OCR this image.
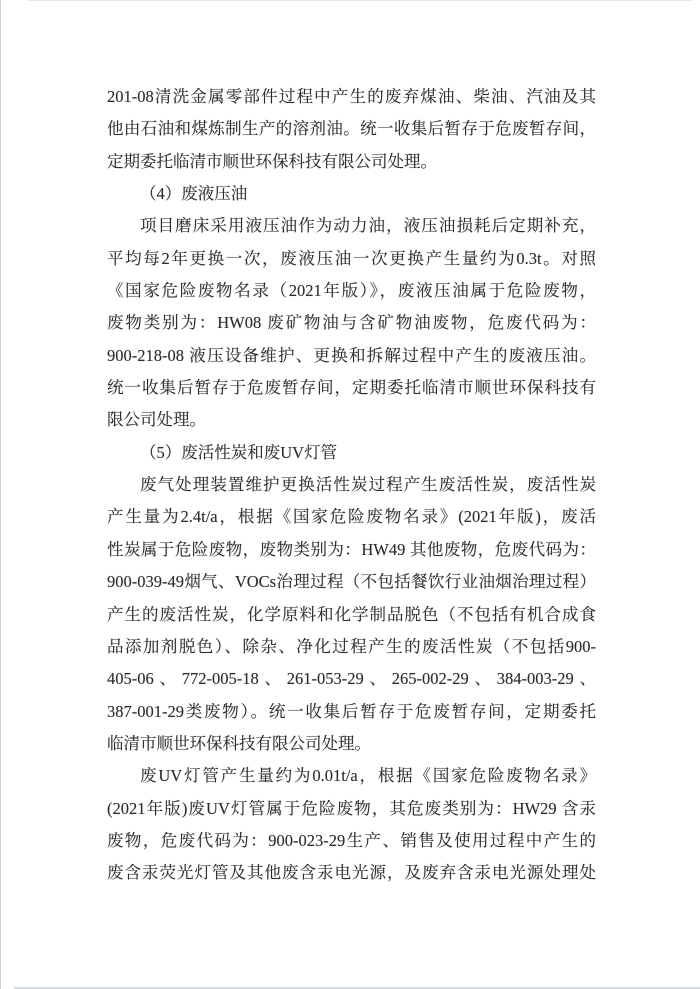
201-08清洗金属零部件过程中产生的废弃煤油、柴油、汽油及其
他由石油和煤炼制生产的溶剂油。统一收集后暂存于危废暂存间，
定期委托临清市顺世环保科技有限公司处理。
（4）废液压油
项目磨床采用液压油作为动力油，液压油损耗后定期补充，
平均每2年更换一次，废液压油一次更换产生量约为0.3t。对照
《国家危险废物名录（2021年版）》，废液压油属于危险废物，
废物类别为：HW08 废矿物油与含矿物油废物，危废代码为：
900-218-08 液压设备维护、更换和拆解过程中产生的废液压油。
统一收集后暂存于危废暂存间，定期委托临清市顺世环保科技有
限公司处理。
（5）废活性炭和废UV灯管
废气处理装置维护更换活性炭过程产生废活性炭，废活性炭
产生量为2.4t/a，根据《国家危险废物名录》(2021年版)，废活
性炭属于危险废物，废物类别为：HW49 其他废物，危废代码为：
900-039-49烟气、VOCs治理过程（不包括餐饮行业油烟治理过程）
产生的废活性炭，化学原料和化学制品脱色（不包括有机合成食
品添加剂脱色）、除杂、净化过程产生的废活性炭（不包括900-
405-06、772-005-18、261-053-29、265-002-29、384-003-29、
387-001-29类废物）。统一收集后暂存于危废暂存间，定期委托
临清市顺世环保科技有限公司处理。
废UV灯管产生量约为0.01t/a，根据《国家危险废物名录》
(2021年版)废UV灯管属于危险废物，其危废类别为：HW29 含汞
废物，危废代码为：900-023-29生产、销售及使用过程中产生的
废含汞荧光灯管及其他废含汞电光源，及废弃含汞电光源处理处
